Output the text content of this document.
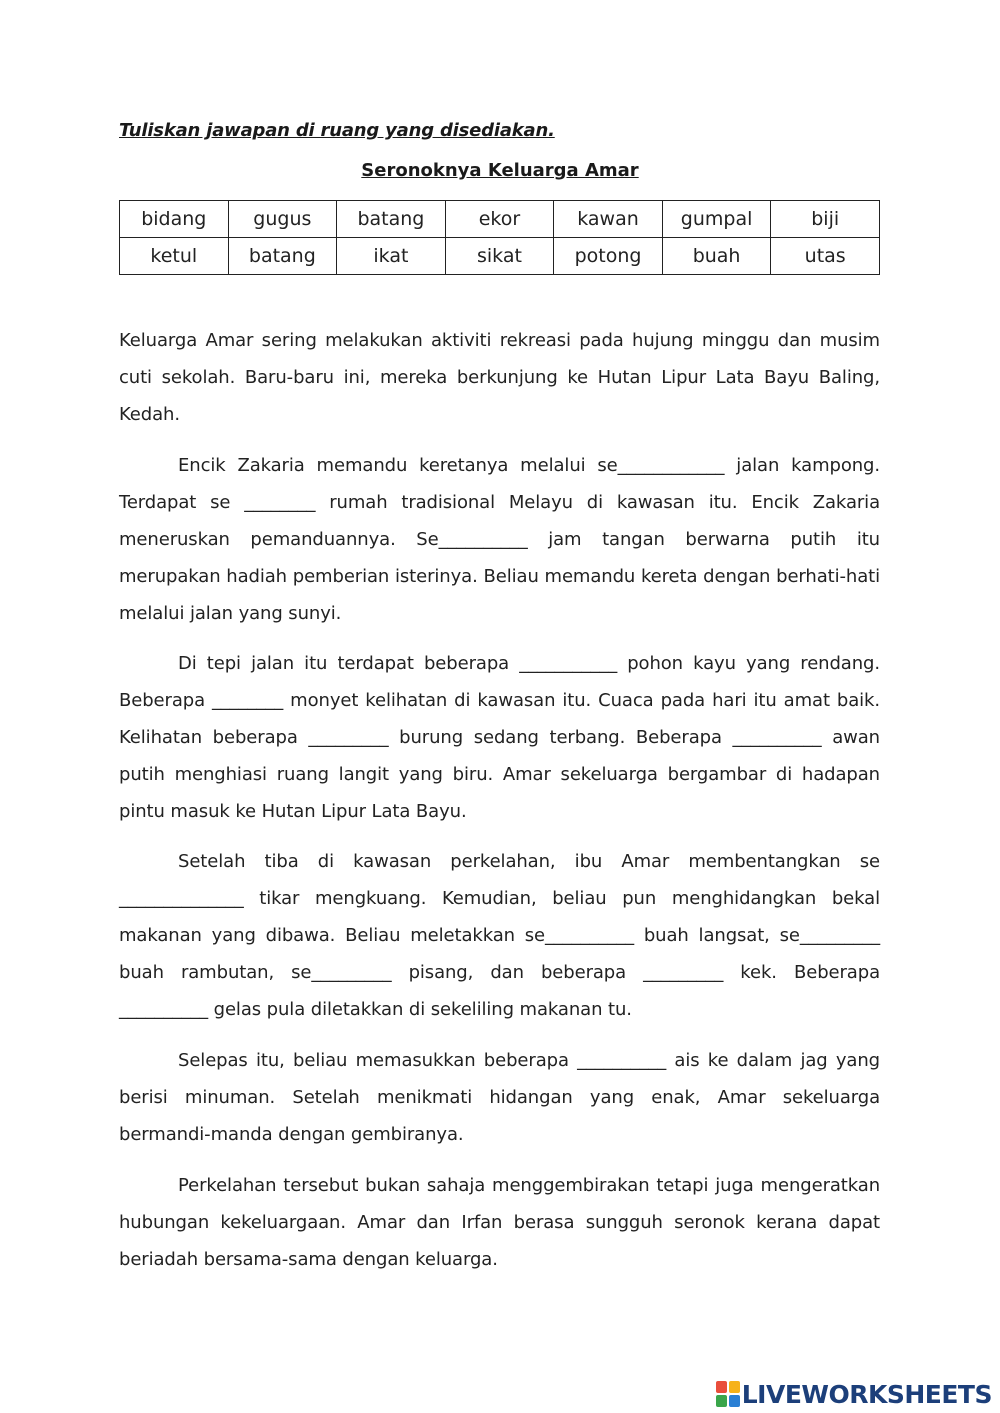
Tuliskan jawapan di ruang yang disediakan.
Seronoknya Keluarga Amar
bidang	gugus	batang	ekor	kawan	gumpal	biji
ketul	batang	ikat	sikat	potong	buah	utas

Keluarga Amar sering melakukan aktiviti rekreasi pada hujung minggu dan musim cuti sekolah. Baru-baru ini, mereka berkunjung ke Hutan Lipur Lata Bayu Baling, Kedah.

Encik Zakaria memandu keretanya melalui se____________ jalan kampong. Terdapat se ________ rumah tradisional Melayu di kawasan itu. Encik Zakaria meneruskan pemanduannya. Se__________ jam tangan berwarna putih itu merupakan hadiah pemberian isterinya. Beliau memandu kereta dengan berhati-hati melalui jalan yang sunyi.

Di tepi jalan itu terdapat beberapa ___________ pohon kayu yang rendang. Beberapa ________ monyet kelihatan di kawasan itu. Cuaca pada hari itu amat baik. Kelihatan beberapa _________ burung sedang terbang. Beberapa __________ awan putih menghiasi ruang langit yang biru. Amar sekeluarga bergambar di hadapan pintu masuk ke Hutan Lipur Lata Bayu.

Setelah tiba di kawasan perkelahan, ibu Amar membentangkan se ______________ tikar mengkuang. Kemudian, beliau pun menghidangkan bekal makanan yang dibawa. Beliau meletakkan se__________ buah langsat, se_________ buah rambutan, se_________ pisang, dan beberapa _________ kek. Beberapa __________ gelas pula diletakkan di sekeliling makanan tu.

Selepas itu, beliau memasukkan beberapa __________ ais ke dalam jag yang berisi minuman. Setelah menikmati hidangan yang enak, Amar sekeluarga bermandi-manda dengan gembiranya.

Perkelahan tersebut bukan sahaja menggembirakan tetapi juga mengeratkan hubungan kekeluargaan. Amar dan Irfan berasa sungguh seronok kerana dapat beriadah bersama-sama dengan keluarga.

LIVEWORKSHEETS
